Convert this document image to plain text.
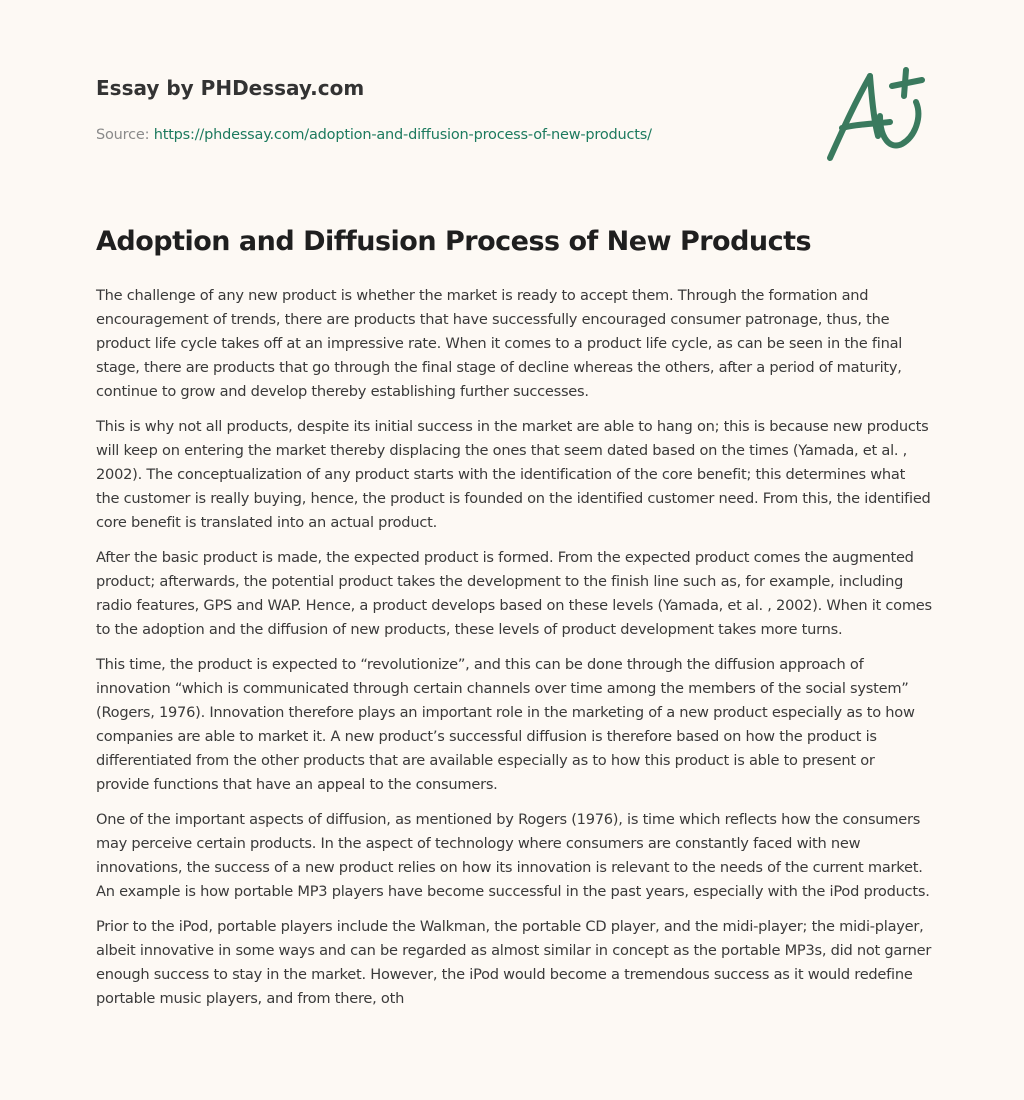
Essay by PHDessay.com
Source: https://phdessay.com/adoption-and-diffusion-process-of-new-products/
Adoption and Diffusion Process of New Products

The challenge of any new product is whether the market is ready to accept them. Through the formation and encouragement of trends, there are products that have successfully encouraged consumer patronage, thus, the product life cycle takes off at an impressive rate. When it comes to a product life cycle, as can be seen in the final stage, there are products that go through the final stage of decline whereas the others, after a period of maturity, continue to grow and develop thereby establishing further successes.

This is why not all products, despite its initial success in the market are able to hang on; this is because new products will keep on entering the market thereby displacing the ones that seem dated based on the times (Yamada, et al. , 2002). The conceptualization of any product starts with the identification of the core benefit; this determines what the customer is really buying, hence, the product is founded on the identified customer need. From this, the identified core benefit is translated into an actual product.

After the basic product is made, the expected product is formed. From the expected product comes the augmented product; afterwards, the potential product takes the development to the finish line such as, for example, including radio features, GPS and WAP. Hence, a product develops based on these levels (Yamada, et al. , 2002). When it comes to the adoption and the diffusion of new products, these levels of product development takes more turns.

This time, the product is expected to “revolutionize”, and this can be done through the diffusion approach of innovation “which is communicated through certain channels over time among the members of the social system” (Rogers, 1976). Innovation therefore plays an important role in the marketing of a new product especially as to how companies are able to market it. A new product’s successful diffusion is therefore based on how the product is differentiated from the other products that are available especially as to how this product is able to present or provide functions that have an appeal to the consumers.

One of the important aspects of diffusion, as mentioned by Rogers (1976), is time which reflects how the consumers may perceive certain products. In the aspect of technology where consumers are constantly faced with new innovations, the success of a new product relies on how its innovation is relevant to the needs of the current market. An example is how portable MP3 players have become successful in the past years, especially with the iPod products.

Prior to the iPod, portable players include the Walkman, the portable CD player, and the midi-player; the midi-player, albeit innovative in some ways and can be regarded as almost similar in concept as the portable MP3s, did not garner enough success to stay in the market. However, the iPod would become a tremendous success as it would redefine portable music players, and from there, oth
